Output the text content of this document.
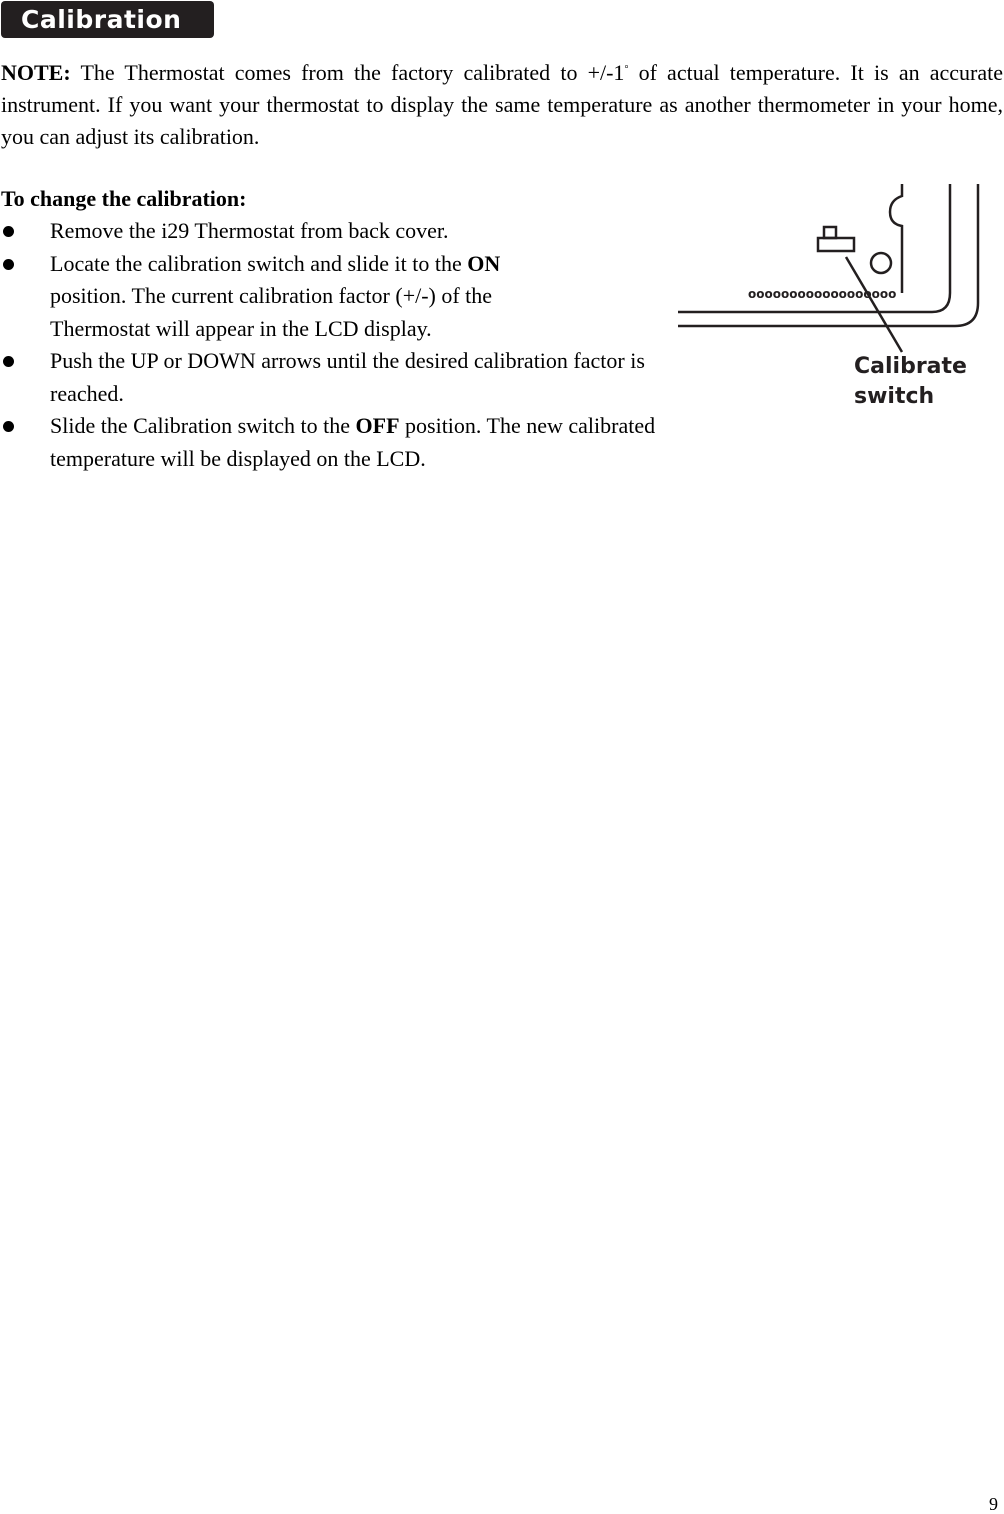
Calibration

NOTE: The Thermostat comes from the factory calibrated to +/-1° of actual temperature. It is an accurate instrument. If you want your thermostat to display the same temperature as another thermometer in your home, you can adjust its calibration.

To change the calibration:

Remove the i29 Thermostat from back cover.
Locate the calibration switch and slide it to the ON position. The current calibration factor (+/-) of the Thermostat will appear in the LCD display.
Push the UP or DOWN arrows until the desired calibration factor is reached.
Slide the Calibration switch to the OFF position. The new calibrated temperature will be displayed on the LCD.
oooooooooooooooooo
Calibrate
switch
9
